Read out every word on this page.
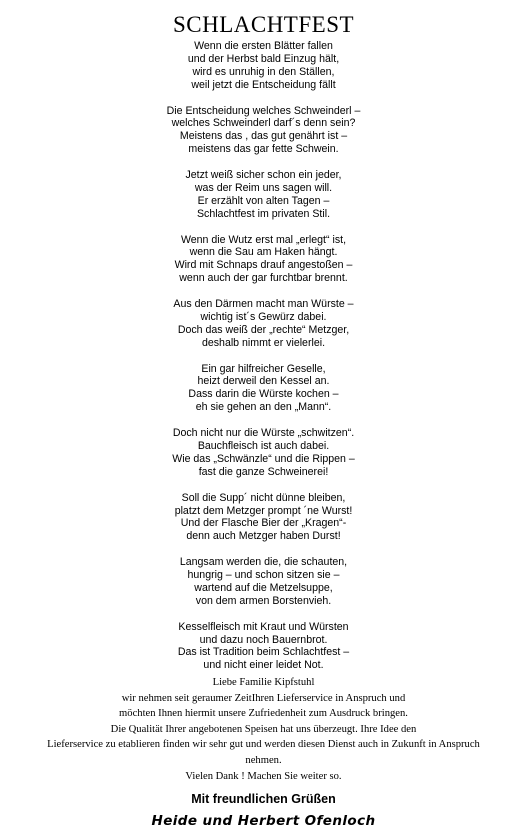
SCHLACHTFEST
Wenn die ersten Blätter fallen
und der Herbst bald Einzug hält,
wird es unruhig in den Ställen,
weil jetzt die Entscheidung fällt
Die Entscheidung welches Schweinderl –
welches Schweinderl darf´s denn sein?
Meistens das , das gut genährt ist –
meistens das gar fette Schwein.
Jetzt weiß sicher schon ein jeder,
was der Reim uns sagen will.
Er erzählt von alten Tagen –
Schlachtfest im privaten Stil.
Wenn die Wutz erst mal „erlegt“ ist,
wenn die Sau am Haken hängt.
Wird mit Schnaps drauf angestoßen –
wenn auch der gar furchtbar brennt.
Aus den Därmen macht man Würste –
wichtig ist´s Gewürz dabei.
Doch das weiß der „rechte“ Metzger,
deshalb nimmt er vielerlei.
Ein gar hilfreicher Geselle,
heizt derweil den Kessel an.
Dass darin die Würste kochen –
eh sie gehen an den „Mann“.
Doch nicht nur die Würste „schwitzen“.
Bauchfleisch ist auch dabei.
Wie das „Schwänzle“ und die Rippen –
fast die ganze Schweinerei!
Soll die Supp´ nicht dünne bleiben,
platzt dem Metzger prompt ´ne Wurst!
Und der Flasche Bier der „Kragen“-
denn auch Metzger haben Durst!
Langsam werden die, die schauten,
hungrig – und schon sitzen sie –
wartend auf die Metzelsuppe,
von dem armen Borstenvieh.
Kesselfleisch mit Kraut und Würsten
und dazu noch Bauernbrot.
Das ist Tradition beim Schlachtfest –
und nicht einer leidet Not.
Liebe Familie Kipfstuhl
wir nehmen seit geraumer ZeitIhren Lieferservice in Anspruch und
möchten Ihnen hiermit unsere Zufriedenheit zum Ausdruck bringen.
Die Qualität Ihrer angebotenen Speisen hat uns überzeugt. Ihre Idee den
Lieferservice zu etablieren finden wir sehr gut und werden diesen Dienst auch in Zukunft in Anspruch
nehmen.
Vielen Dank ! Machen Sie weiter so.
Mit freundlichen Grüßen
Heide und Herbert Ofenloch
